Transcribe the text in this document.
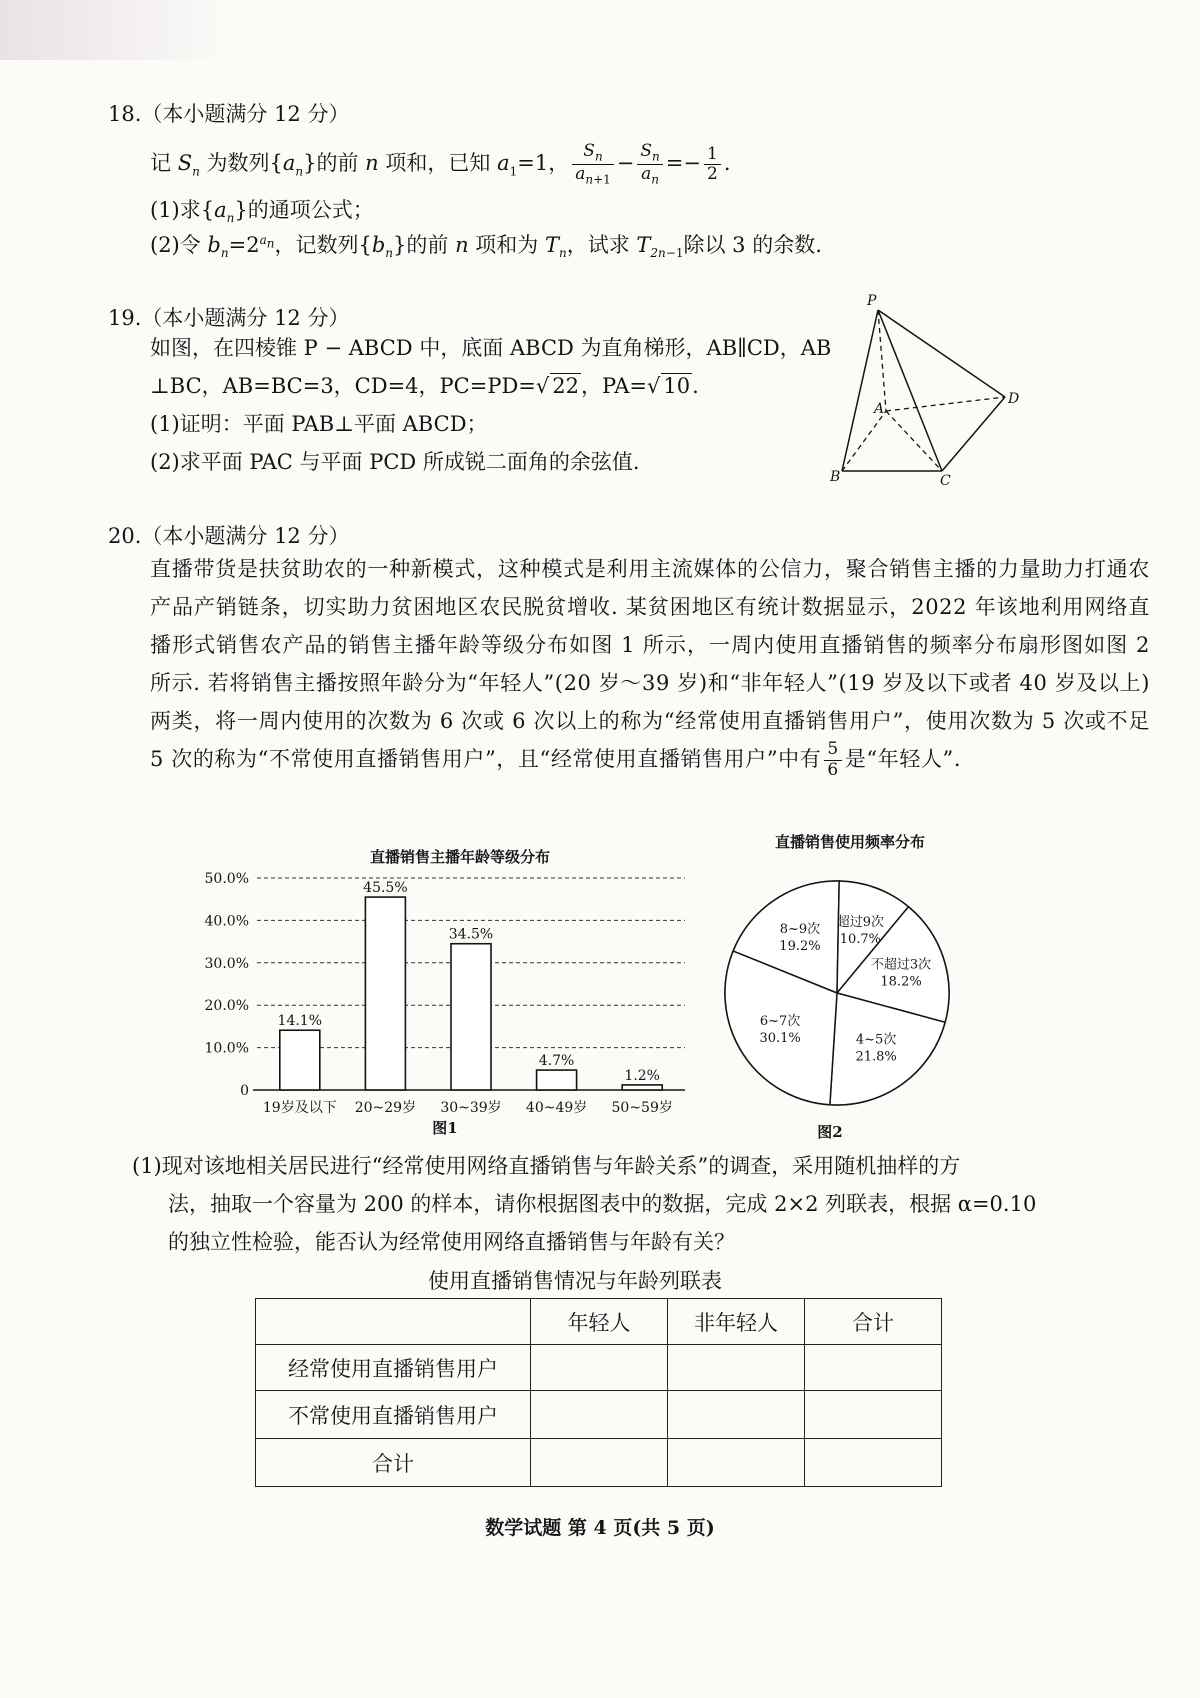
18.（本小题满分 12 分）
记 $S_n$ 为数列$\{a_n\}$的前 n 项和，已知 $a_1=1$， $\frac{S_n}{a_{n+1}} - \frac{S_n}{a_n} =- \frac{1}{2}$ .
(1)求$\{a_n\}$的通项公式；
(2)令 $b_n=2^{a_n}$，记数列$\{b_n\}$的前 n 项和为 $T_n$，试求 $T_{2n-1}$除以 3 的余数.
19.（本小题满分 12 分）
如图，在四棱锥 P − ABCD 中，底面 ABCD 为直角梯形，AB∥CD，AB
⊥BC，AB=BC=3，CD=4，PC=PD=√ 22，PA=√ 10.
(1)证明：平面 PAB⊥平面 ABCD；
(2)求平面 PAC 与平面 PCD 所成锐二面角的余弦值.
P
A
B	C
D
20.（本小题满分 12 分）
直播带货是扶贫助农的一种新模式，这种模式是利用主流媒体的公信力，聚合销售主播的力量助力打通农产品产销链条，切实助力贫困地区农民脱贫增收. 某贫困地区有统计数据显示，2022 年该地利用网络直播形式销售农产品的销售主播年龄等级分布如图 1 所示，一周内使用直播销售的频率分布扇形图如图 2 所示. 若将销售主播按照年龄分为“年轻人”(20 岁～39 岁)和“非年轻人”(19 岁及以下或者 40 岁及以上)两类，将一周内使用的次数为 6 次或 6 次以上的称为“经常使用直播销售用户”，使用次数为 5 次或不足 5 次的称为“不常使用直播销售用户”，且“经常使用直播销售用户”中有 $\frac{5}{6}$ 是“年轻人”.
直播销售主播年龄等级分布
0
10.0%
20.0%
30.0%
40.0%
50.0%
14.1%
45.5%
34.5%
4.7%
1.2%
19岁及以下 20~29岁 30~39岁 40~49岁 50~59岁
图1
直播销售使用频率分布
8~9次
19.2%
超过9次
10.7%
不超过3次
18.2%
4~5次
21.8%
6~7次
30.1%
图2
(1)现对该地相关居民进行“经常使用网络直播销售与年龄关系”的调查，采用随机抽样的方
法，抽取一个容量为 200 的样本，请你根据图表中的数据，完成 2×2 列联表，根据 α=0.10
的独立性检验，能否认为经常使用网络直播销售与年龄有关？
使用直播销售情况与年龄列联表
	年轻人	非年轻人	合计
经常使用直播销售用户			
不常使用直播销售用户			
合计			
数学试题 第 4 页(共 5 页)
